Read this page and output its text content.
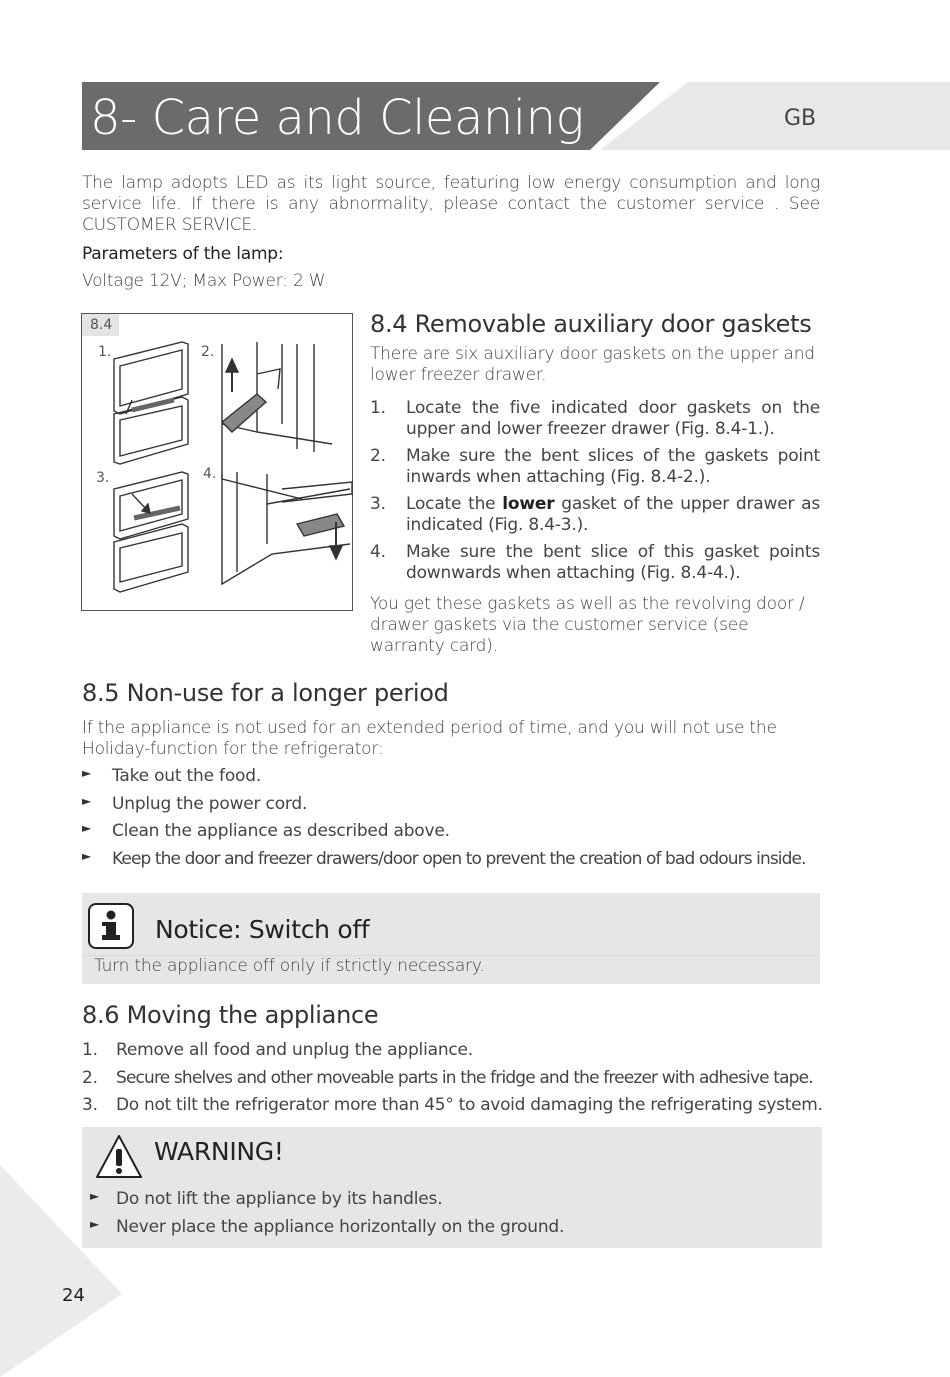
8- Care and Cleaning	GB
The lamp adopts LED as its light source, featuring low energy consumption and long service life. If there is any abnormality, please contact the customer service . See CUSTOMER SERVICE.
Parameters of the lamp:
Voltage 12V; Max Power: 2 W
8.4
1.	2.
3.	4.
8.4 Removable auxiliary door gaskets
There are six auxiliary door gaskets on the upper and lower freezer drawer.
1.	Locate the five indicated door gaskets on the upper and lower freezer drawer (Fig. 8.4-1.).
2.	Make sure the bent slices of the gaskets point inwards when attaching (Fig. 8.4-2.).
3.	Locate the lower gasket of the upper drawer as indicated (Fig. 8.4-3.).
4.	Make sure the bent slice of this gasket points downwards when attaching (Fig. 8.4-4.).
You get these gaskets as well as the revolving door / drawer gaskets via the customer service (see warranty card).
8.5 Non-use for a longer period
If the appliance is not used for an extended period of time, and you will not use the Holiday-function for the refrigerator:
►	Take out the food.
►	Unplug the power cord.
►	Clean the appliance as described above.
►	Keep the door and freezer drawers/door open to prevent the creation of bad odours inside.
Notice: Switch off
Turn the appliance off only if strictly necessary.
8.6 Moving the appliance

1.	Remove all food and unplug the appliance.
2.	Secure shelves and other moveable parts in the fridge and the freezer with adhesive tape.
3.	Do not tilt the refrigerator more than 45° to avoid damaging the refrigerating system.
WARNING!
► Do not lift the appliance by its handles.
► Never place the appliance horizontally on the ground.
24
